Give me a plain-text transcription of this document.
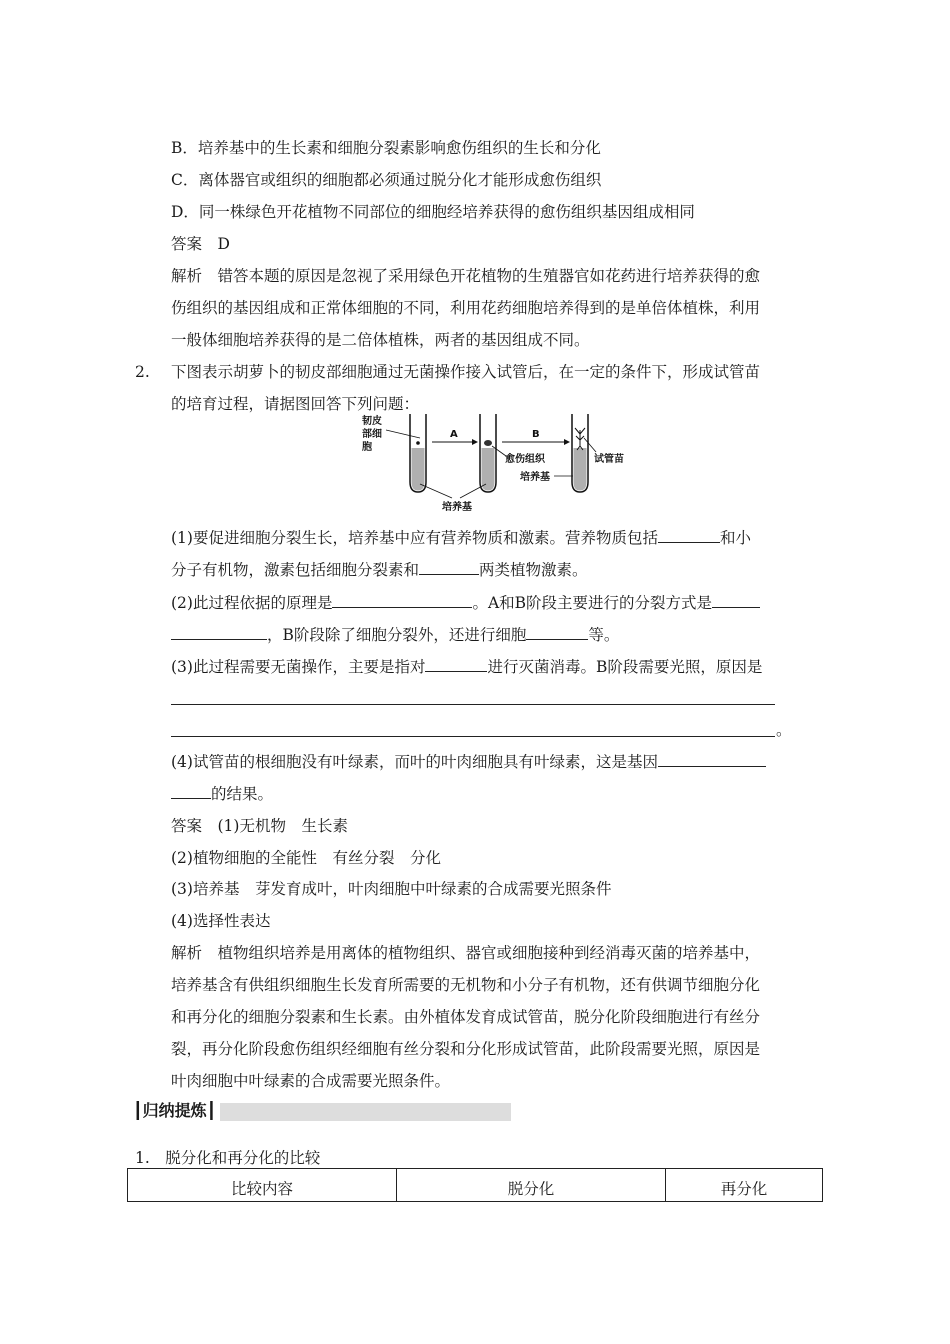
B．培养基中的生长素和细胞分裂素影响愈伤组织的生长和分化
C．离体器官或组织的细胞都必须通过脱分化才能形成愈伤组织
D．同一株绿色开花植物不同部位的细胞经培养获得的愈伤组织基因组成相同
答案　D
解析　错答本题的原因是忽视了采用绿色开花植物的生殖器官如花药进行培养获得的愈
伤组织的基因组成和正常体细胞的不同，利用花药细胞培养得到的是单倍体植株，利用
一般体细胞培养获得的是二倍体植株，两者的基因组成不同。
2. 下图表示胡萝卜的韧皮部细胞通过无菌操作接入试管后，在一定的条件下，形成试管苗
的培育过程，请据图回答下列问题：
韧皮
部细
胞
A	B
愈伤组织	试管苗
培养基
培养基
(1)要促进细胞分裂生长，培养基中应有营养物质和激素。营养物质包括	和小
分子有机物，激素包括细胞分裂素和	两类植物激素。
(2)此过程依据的原理是	。A和B阶段主要进行的分裂方式是
，B阶段除了细胞分裂外，还进行细胞	等。
(3)此过程需要无菌操作，主要是指对	进行灭菌消毒。B阶段需要光照，原因是
。
(4)试管苗的根细胞没有叶绿素，而叶的叶肉细胞具有叶绿素，这是基因
的结果。
答案　(1)无机物　生长素
(2)植物细胞的全能性　有丝分裂　分化
(3)培养基　芽发育成叶，叶肉细胞中叶绿素的合成需要光照条件
(4)选择性表达
解析　植物组织培养是用离体的植物组织、器官或细胞接种到经消毒灭菌的培养基中，
培养基含有供组织细胞生长发育所需要的无机物和小分子有机物，还有供调节细胞分化
和再分化的细胞分裂素和生长素。由外植体发育成试管苗，脱分化阶段细胞进行有丝分
裂，再分化阶段愈伤组织经细胞有丝分裂和分化形成试管苗，此阶段需要光照，原因是
叶肉细胞中叶绿素的合成需要光照条件。
┃归纳提炼┃
1.　脱分化和再分化的比较
比较内容	脱分化	再分化
